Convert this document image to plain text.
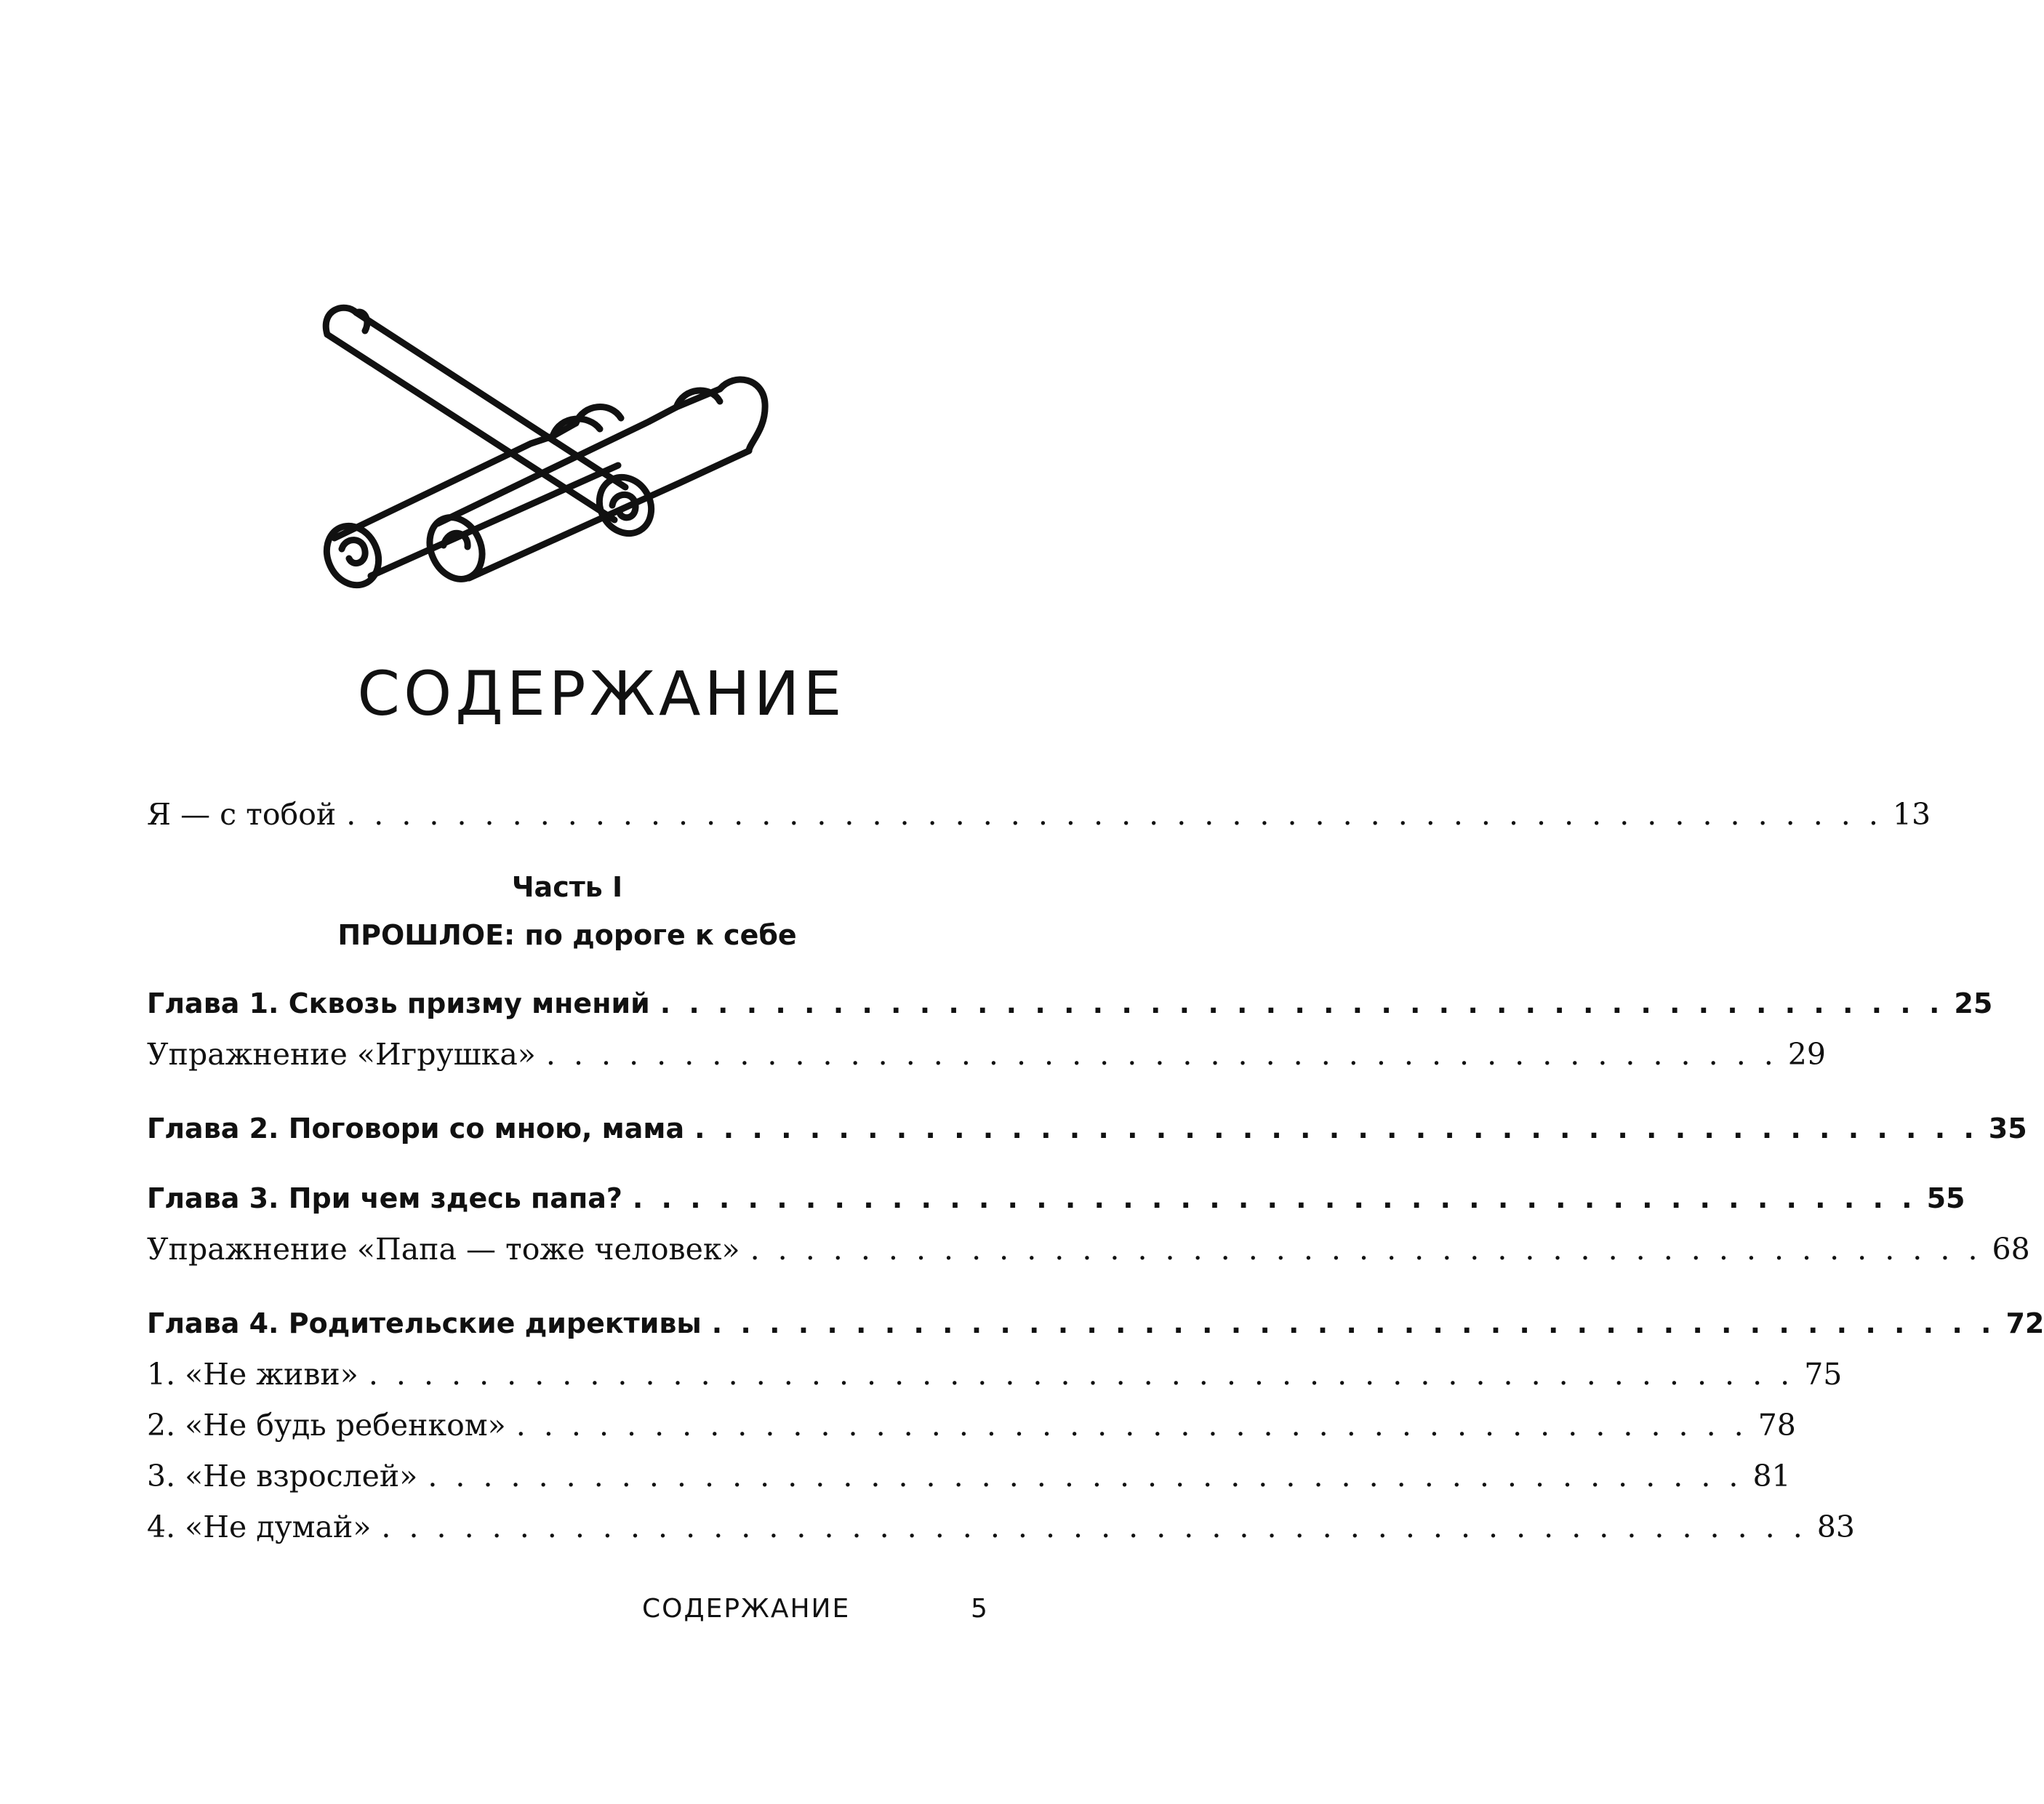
СОДЕРЖАНИЕ
Я — с тобой . . . . . . . . . . . . . . . . . . . . . . . . . . . . . . . . . . . . . . . . . . . . . . . . . . . . . . . . 13
Часть I
ПРОШЛОЕ: по дороге к себе
Глава 1. Сквозь призму мнений . . . . . . . . . . . . . . . . . . . . . . . . . . . . . . . . . . . . . . . . . . . . . 25
Упражнение «Игрушка» . . . . . . . . . . . . . . . . . . . . . . . . . . . . . . . . . . . . . . . . . . . . . 29
Глава 2. Поговори со мною, мама . . . . . . . . . . . . . . . . . . . . . . . . . . . . . . . . . . . . . . . . . . . . . 35
Глава 3. При чем здесь папа? . . . . . . . . . . . . . . . . . . . . . . . . . . . . . . . . . . . . . . . . . . . . . 55
Упражнение «Папа — тоже человек» . . . . . . . . . . . . . . . . . . . . . . . . . . . . . . . . . . . . . . . . . . . . . 68
Глава 4. Родительские директивы . . . . . . . . . . . . . . . . . . . . . . . . . . . . . . . . . . . . . . . . . . . . . 72
1. «Не живи» . . . . . . . . . . . . . . . . . . . . . . . . . . . . . . . . . . . . . . . . . . . . . . . . . . . . 75
2. «Не будь ребенком» . . . . . . . . . . . . . . . . . . . . . . . . . . . . . . . . . . . . . . . . . . . . . 78
3. «Не взрослей» . . . . . . . . . . . . . . . . . . . . . . . . . . . . . . . . . . . . . . . . . . . . . . . . 81
4. «Не думай» . . . . . . . . . . . . . . . . . . . . . . . . . . . . . . . . . . . . . . . . . . . . . . . . . . . . 83
СОДЕРЖАНИЕ	5
